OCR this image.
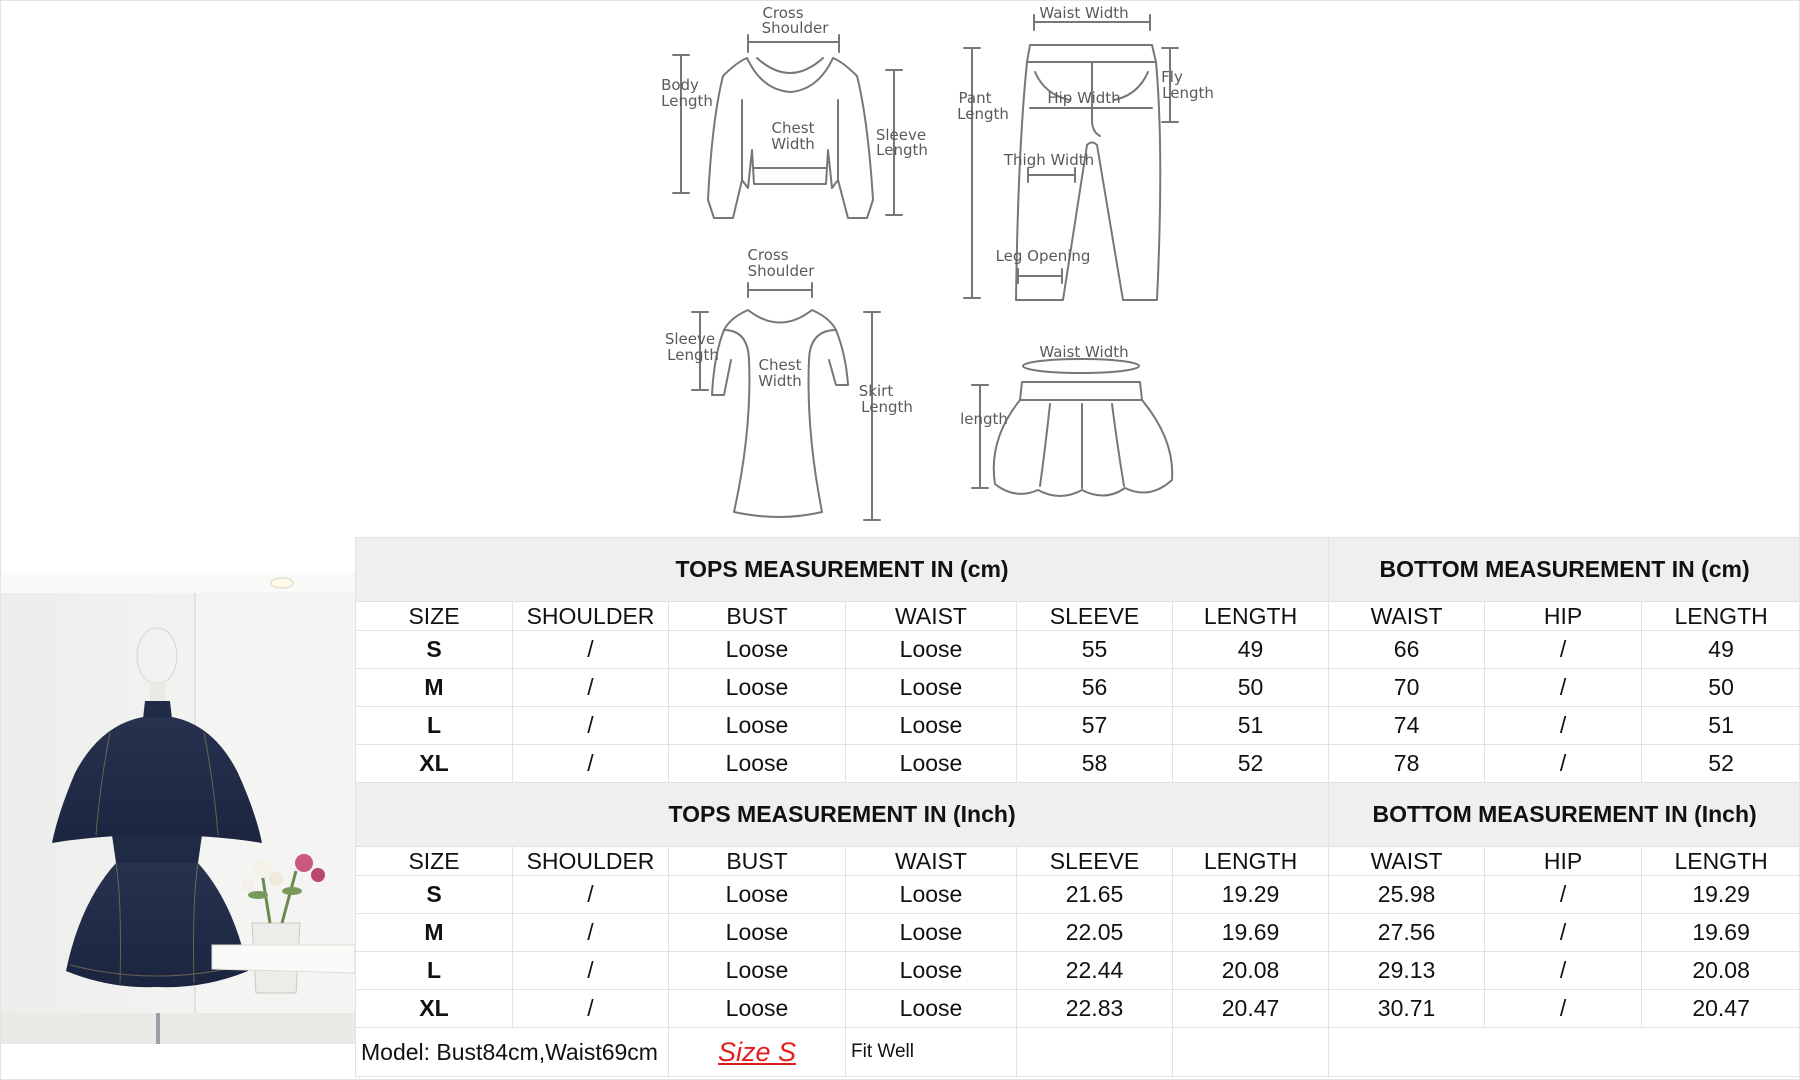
Cross
Shoulder
Body
Length
Chest
Width	Sleeve
Length
Waist Width
Pant
Length
Fly
Length
Hip Width
Thigh Width
Leg Opening
Cross
Shoulder
Sleeve
Length
Chest
Width
Skirt
Length
Waist Width
length
TOPS MEASUREMENT IN (cm)						BOTTOM MEASUREMENT IN (cm)		
SIZE	SHOULDER	BUST	WAIST	SLEEVE	LENGTH	WAIST	HIP	LENGTH
S	/	Loose	Loose	55	49	66	/	49
M	/	Loose	Loose	56	50	70	/	50
L	/	Loose	Loose	57	51	74	/	51
XL	/	Loose	Loose	58	52	78	/	52
TOPS MEASUREMENT IN (Inch)						BOTTOM MEASUREMENT IN (Inch)		
SIZE	SHOULDER	BUST	WAIST	SLEEVE	LENGTH	WAIST	HIP	LENGTH
S	/	Loose	Loose	21.65	19.29	25.98	/	19.29
M	/	Loose	Loose	22.05	19.69	27.56	/	19.69
L	/	Loose	Loose	22.44	20.08	29.13	/	20.08
XL	/	Loose	Loose	22.83	20.47	30.71	/	20.47
Model: Bust84cm,Waist69cm		Size S	Fit Well					
